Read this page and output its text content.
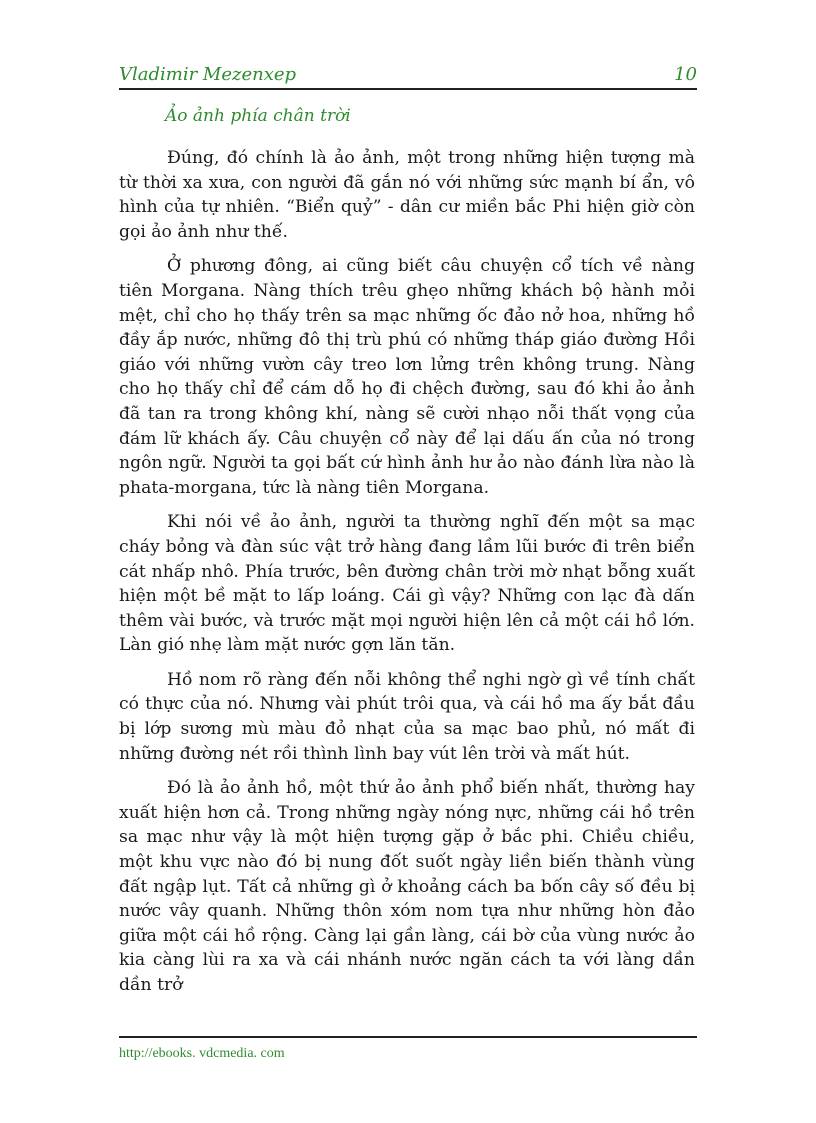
Vladimir Mezenxep	10
Ảo ảnh phía chân trời

Đúng, đó chính là ảo ảnh, một trong những hiện tượng mà từ thời xa xưa, con người đã gắn nó với những sức mạnh bí ẩn, vô hình của tự nhiên. “Biển quỷ” - dân cư miền bắc Phi hiện giờ còn gọi ảo ảnh như thế.

Ở phương đông, ai cũng biết câu chuyện cổ tích về nàng tiên Morgana. Nàng thích trêu ghẹo những khách bộ hành mỏi mệt, chỉ cho họ thấy trên sa mạc những ốc đảo nở hoa, những hồ đầy ắp nước, những đô thị trù phú có những tháp giáo đường Hồi giáo với những vườn cây treo lơn lửng trên không trung. Nàng cho họ thấy chỉ để cám dỗ họ đi chệch đường, sau đó khi ảo ảnh đã tan ra trong không khí, nàng sẽ cười nhạo nỗi thất vọng của đám lữ khách ấy. Câu chuyện cổ này để lại dấu ấn của nó trong ngôn ngữ. Người ta gọi bất cứ hình ảnh hư ảo nào đánh lừa nào là phata-morgana, tức là nàng tiên Morgana.

Khi nói về ảo ảnh, người ta thường nghĩ đến một sa mạc cháy bỏng và đàn súc vật trở hàng đang lầm lũi bước đi trên biển cát nhấp nhô. Phía trước, bên đường chân trời mờ nhạt bỗng xuất hiện một bề mặt to lấp loáng. Cái gì vậy? Những con lạc đà dấn thêm vài bước, và trước mặt mọi người hiện lên cả một cái hồ lớn. Làn gió nhẹ làm mặt nước gợn lăn tăn.

Hồ nom rõ ràng đến nỗi không thể nghi ngờ gì về tính chất có thực của nó. Nhưng vài phút trôi qua, và cái hồ ma ấy bắt đầu bị lớp sương mù màu đỏ nhạt của sa mạc bao phủ, nó mất đi những đường nét rồi thình lình bay vút lên trời và mất hút.

Đó là ảo ảnh hồ, một thứ ảo ảnh phổ biến nhất, thường hay xuất hiện hơn cả. Trong những ngày nóng nực, những cái hồ trên sa mạc như vậy là một hiện tượng gặp ở bắc phi. Chiều chiều, một khu vực nào đó bị nung đốt suốt ngày liền biến thành vùng đất ngập lụt. Tất cả những gì ở khoảng cách ba bốn cây số đều bị nước vây quanh. Những thôn xóm nom tựa như những hòn đảo giữa một cái hồ rộng. Càng lại gần làng, cái bờ của vùng nước ảo kia càng lùi ra xa và cái nhánh nước ngăn cách ta với làng dần dần trở

http://ebooks. vdcmedia. com
